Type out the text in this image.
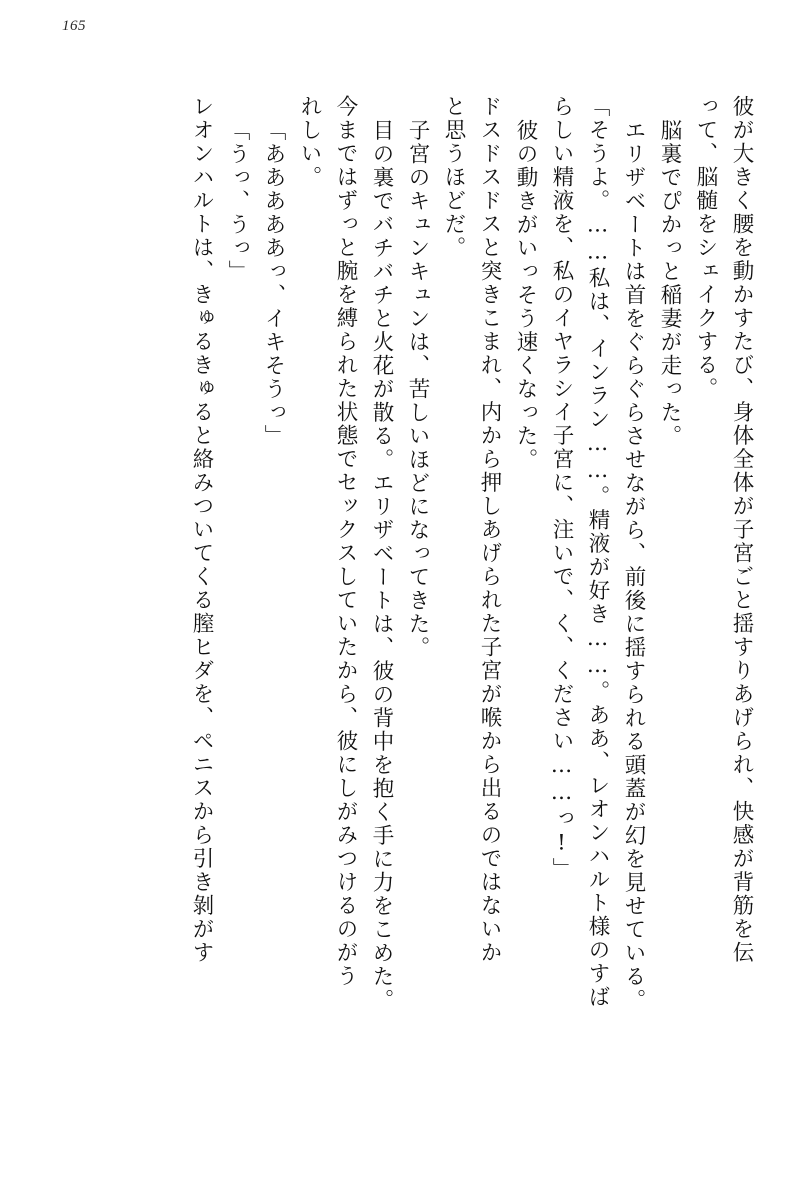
165
彼が大きく腰を動かすたび、身体全体が子宮ごと揺すりあげられ、快感が背筋を伝
って、脳髄をシェイクする。
脳裏でぴかっと稲妻が走った。
エリザベートは首をぐらぐらさせながら、前後に揺すられる頭蓋が幻を見せている。
「そうよ。……私は、インラン……。精液が好き……。ああ、レオンハルト様のすば
らしい精液を、私のイヤラシイ子宮に、注いで、く、ください……っ!」
彼の動きがいっそう速くなった。
ドスドスドスと突きこまれ、内から押しあげられた子宮が喉から出るのではないか
と思うほどだ。
子宮のキュンキュンは、苦しいほどになってきた。
目の裏でバチバチと火花が散る。エリザベートは、彼の背中を抱く手に力をこめた。
今まではずっと腕を縛られた状態でセックスしていたから、彼にしがみつけるのがう
れしい。
「あああああっ、イキそうっ」
「うっ、うっ」
レオンハルトは、きゅるきゅると絡みついてくる膣ヒダを、ペニスから引き剝がす
